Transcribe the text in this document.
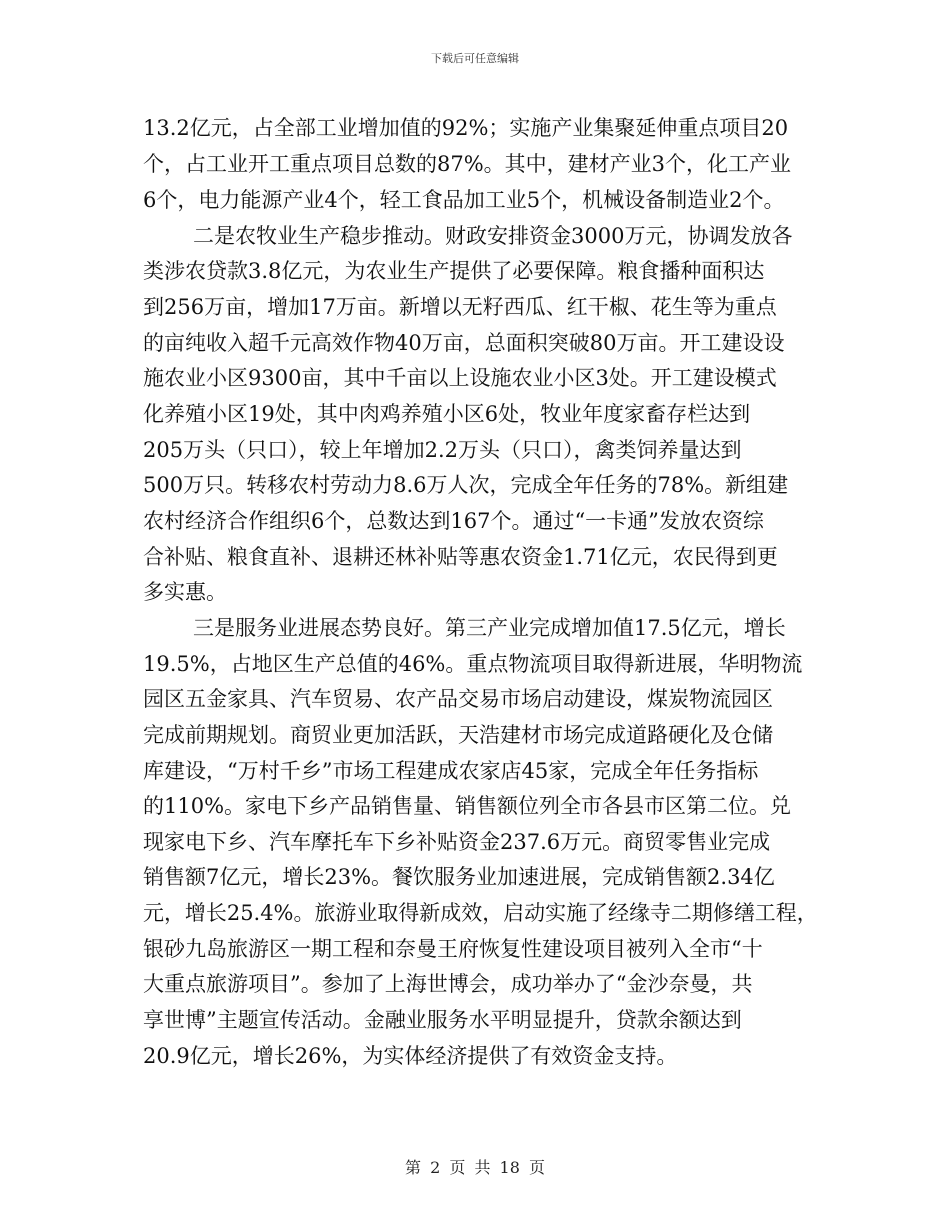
下载后可任意编辑
13.2亿元，占全部工业增加值的92%；实施产业集聚延伸重点项目20
个，占工业开工重点项目总数的87%。其中，建材产业3个，化工产业
6个，电力能源产业4个，轻工食品加工业5个，机械设备制造业2个。
二是农牧业生产稳步推动。财政安排资金3000万元，协调发放各
类涉农贷款3.8亿元，为农业生产提供了必要保障。粮食播种面积达
到256万亩，增加17万亩。新增以无籽西瓜、红干椒、花生等为重点
的亩纯收入超千元高效作物40万亩，总面积突破80万亩。开工建设设
施农业小区9300亩，其中千亩以上设施农业小区3处。开工建设模式
化养殖小区19处，其中肉鸡养殖小区6处，牧业年度家畜存栏达到
205万头（只口），较上年增加2.2万头（只口），禽类饲养量达到
500万只。转移农村劳动力8.6万人次，完成全年任务的78%。新组建
农村经济合作组织6个，总数达到167个。通过“一卡通”发放农资综
合补贴、粮食直补、退耕还林补贴等惠农资金1.71亿元，农民得到更
多实惠。
三是服务业进展态势良好。第三产业完成增加值17.5亿元，增长
19.5%，占地区生产总值的46%。重点物流项目取得新进展，华明物流
园区五金家具、汽车贸易、农产品交易市场启动建设，煤炭物流园区
完成前期规划。商贸业更加活跃，天浩建材市场完成道路硬化及仓储
库建设，“万村千乡”市场工程建成农家店45家，完成全年任务指标
的110%。家电下乡产品销售量、销售额位列全市各县市区第二位。兑
现家电下乡、汽车摩托车下乡补贴资金237.6万元。商贸零售业完成
销售额7亿元，增长23%。餐饮服务业加速进展，完成销售额2.34亿
元，增长25.4%。旅游业取得新成效，启动实施了经缘寺二期修缮工程，
银砂九岛旅游区一期工程和奈曼王府恢复性建设项目被列入全市“十
大重点旅游项目”。参加了上海世博会，成功举办了“金沙奈曼，共
享世博”主题宣传活动。金融业服务水平明显提升，贷款余额达到
20.9亿元，增长26%，为实体经济提供了有效资金支持。
第 2 页 共 18 页
